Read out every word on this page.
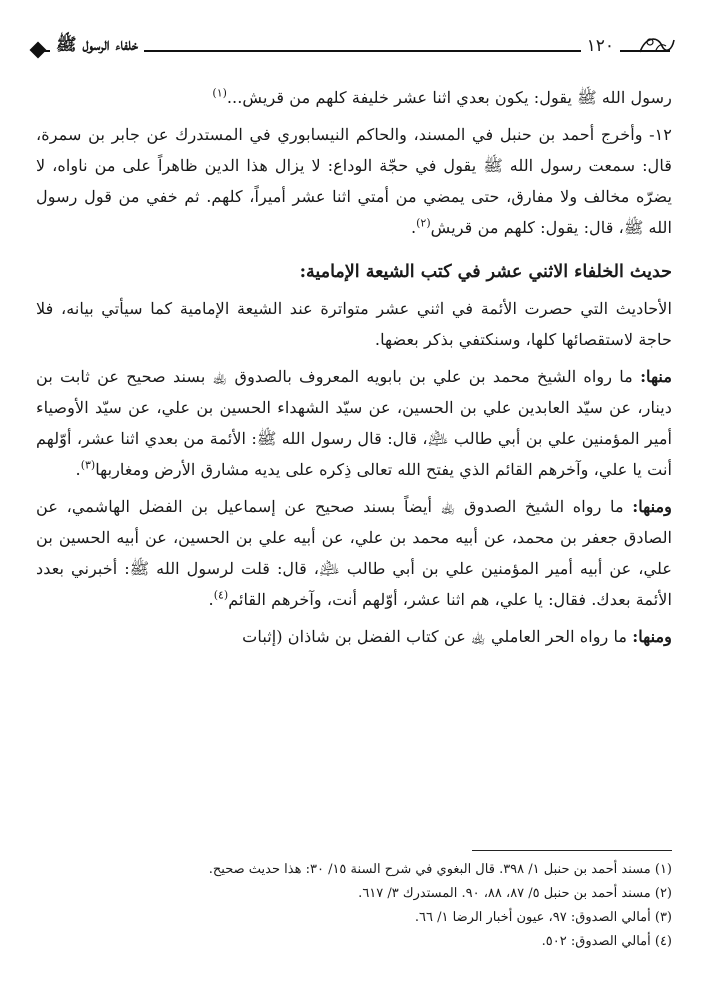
خلفاء الرسول ﷺ	١٢٠

رسول الله ﷺ يقول: يكون بعدي اثنا عشر خليفة كلهم من قريش...$^{(١)}$

١٢- وأخرج أحمد بن حنبل في المسند، والحاكم النيسابوري في المستدرك عن جابر بن سمرة، قال: سمعت رسول الله ﷺ يقول في حجّة الوداع: لا يزال هذا الدين ظاهراً على من ناواه، لا يضرّه مخالف ولا مفارق، حتى يمضي من أمتي اثنا عشر أميراً، كلهم. ثم خفي من قول رسول الله ﷺ، قال: يقول: كلهم من قريش$^{(٢)}$.

حديث الخلفاء الاثني عشر في كتب الشيعة الإمامية:

الأحاديث التي حصرت الأئمة في اثني عشر متواترة عند الشيعة الإمامية كما سيأتي بيانه، فلا حاجة لاستقصائها كلها، وسنكتفي بذكر بعضها.

منها: ما رواه الشيخ محمد بن علي بن بابويه المعروف بالصدوق ﵀ بسند صحيح عن ثابت بن دينار، عن سيّد العابدين علي بن الحسين، عن سيّد الشهداء الحسين بن علي، عن سيّد الأوصياء أمير المؤمنين علي بن أبي طالب ﵇، قال: قال رسول الله ﷺ: الأئمة من بعدي اثنا عشر، أوّلهم أنت يا علي، وآخرهم القائم الذي يفتح الله تعالى ذِكره على يديه مشارق الأرض ومغاربها$^{(٣)}$.

ومنها: ما رواه الشيخ الصدوق ﵀ أيضاً بسند صحيح عن إسماعيل بن الفضل الهاشمي، عن الصادق جعفر بن محمد، عن أبيه محمد بن علي، عن أبيه علي بن الحسين، عن أبيه الحسين بن علي، عن أبيه أمير المؤمنين علي بن أبي طالب ﵇، قال: قلت لرسول الله ﷺ: أخبرني بعدد الأئمة بعدك. فقال: يا علي، هم اثنا عشر، أوّلهم أنت، وآخرهم القائم$^{(٤)}$.

ومنها: ما رواه الحر العاملي ﵀ عن كتاب الفضل بن شاذان (إثبات

(١) مسند أحمد بن حنبل ١/ ٣٩٨. قال البغوي في شرح السنة ١٥/ ٣٠: هذا حديث صحيح.

(٢) مسند أحمد بن حنبل ٥/ ٨٧، ٨٨، ٩٠. المستدرك ٣/ ٦١٧.

(٣) أمالي الصدوق: ٩٧، عيون أخبار الرضا ١/ ٦٦.

(٤) أمالي الصدوق: ٥٠٢.
